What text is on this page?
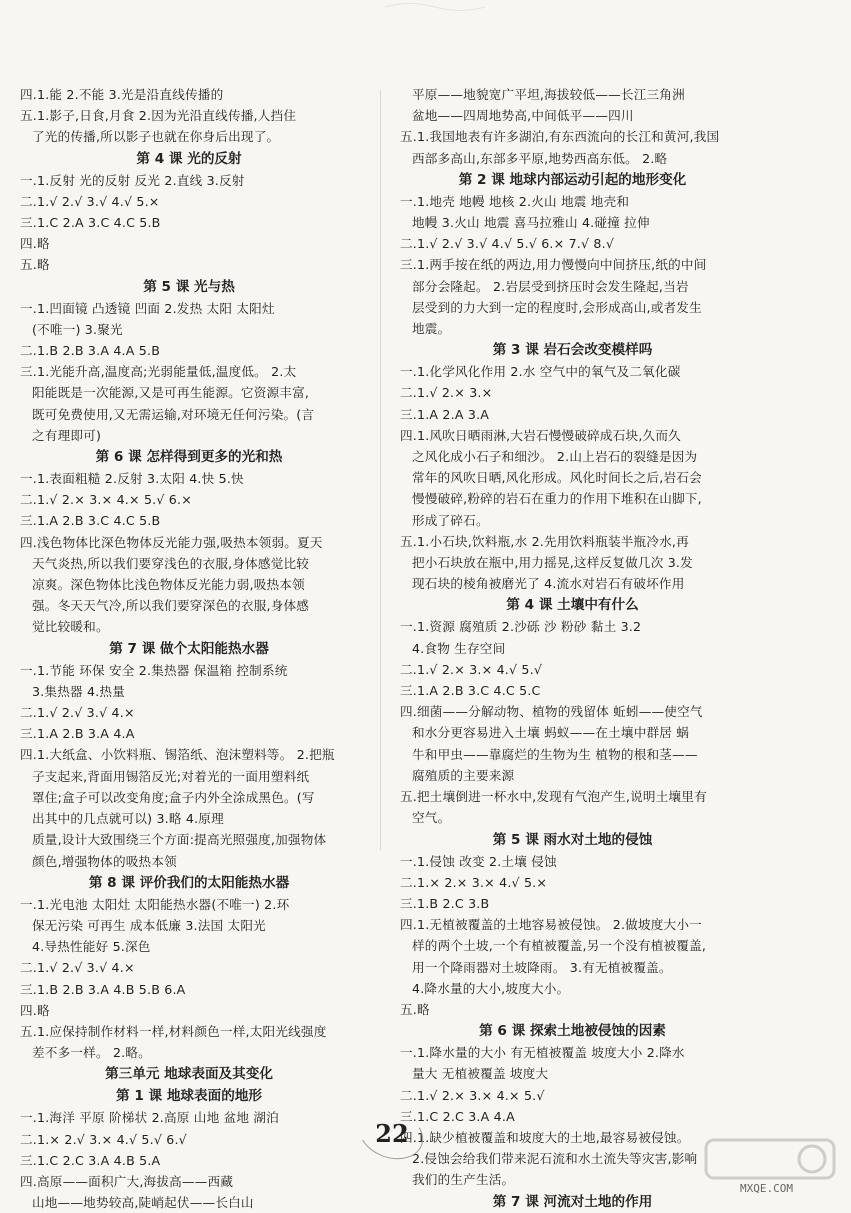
四.1.能 2.不能 3.光是沿直线传播的
五.1.影子,日食,月食 2.因为光沿直线传播,人挡住
了光的传播,所以影子也就在你身后出现了。
第 4 课 光的反射
一.1.反射 光的反射 反光 2.直线 3.反射
二.1.√ 2.√ 3.√ 4.√ 5.×
三.1.C 2.A 3.C 4.C 5.B
四.略
五.略
第 5 课 光与热
一.1.凹面镜 凸透镜 凹面 2.发热 太阳 太阳灶
(不唯一) 3.聚光
二.1.B 2.B 3.A 4.A 5.B
三.1.光能升高,温度高;光弱能量低,温度低。 2.太
阳能既是一次能源,又是可再生能源。它资源丰富,
既可免费使用,又无需运输,对环境无任何污染。(言
之有理即可)
第 6 课 怎样得到更多的光和热
一.1.表面粗糙 2.反射 3.太阳 4.快 5.快
二.1.√ 2.× 3.× 4.× 5.√ 6.×
三.1.A 2.B 3.C 4.C 5.B
四.浅色物体比深色物体反光能力强,吸热本领弱。夏天
天气炎热,所以我们要穿浅色的衣服,身体感觉比较
凉爽。深色物体比浅色物体反光能力弱,吸热本领
强。冬天天气冷,所以我们要穿深色的衣服,身体感
觉比较暖和。
第 7 课 做个太阳能热水器
一.1.节能 环保 安全 2.集热器 保温箱 控制系统
3.集热器 4.热量
二.1.√ 2.√ 3.√ 4.×
三.1.A 2.B 3.A 4.A
四.1.大纸盒、小饮料瓶、锡箔纸、泡沫塑料等。 2.把瓶
子支起来,背面用锡箔反光;对着光的一面用塑料纸
罩住;盒子可以改变角度;盒子内外全涂成黑色。(写
出其中的几点就可以) 3.略 4.原理
质量,设计大致围绕三个方面:提高光照强度,加强物体
颜色,增强物体的吸热本领
第 8 课 评价我们的太阳能热水器
一.1.光电池 太阳灶 太阳能热水器(不唯一) 2.环
保无污染 可再生 成本低廉 3.法国 太阳光
4.导热性能好 5.深色
二.1.√ 2.√ 3.√ 4.×
三.1.B 2.B 3.A 4.B 5.B 6.A
四.略
五.1.应保持制作材料一样,材料颜色一样,太阳光线强度
差不多一样。 2.略。
第三单元 地球表面及其变化
第 1 课 地球表面的地形
一.1.海洋 平原 阶梯状 2.高原 山地 盆地 湖泊
二.1.× 2.√ 3.× 4.√ 5.√ 6.√
三.1.C 2.C 3.A 4.B 5.A
四.高原——面积广大,海拔高——西藏
山地——地势较高,陡峭起伏——长白山
平原——地貌宽广平坦,海拔较低——长江三角洲
盆地——四周地势高,中间低平——四川
五.1.我国地表有许多湖泊,有东西流向的长江和黄河,我国
西部多高山,东部多平原,地势西高东低。 2.略
第 2 课 地球内部运动引起的地形变化
一.1.地壳 地幔 地核 2.火山 地震 地壳和
地幔 3.火山 地震 喜马拉雅山 4.碰撞 拉伸
二.1.√ 2.√ 3.√ 4.√ 5.√ 6.× 7.√ 8.√
三.1.两手按在纸的两边,用力慢慢向中间挤压,纸的中间
部分会隆起。 2.岩层受到挤压时会发生隆起,当岩
层受到的力大到一定的程度时,会形成高山,或者发生
地震。
第 3 课 岩石会改变模样吗
一.1.化学风化作用 2.水 空气中的氧气及二氧化碳
二.1.√ 2.× 3.×
三.1.A 2.A 3.A
四.1.风吹日晒雨淋,大岩石慢慢破碎成石块,久而久
之风化成小石子和细沙。 2.山上岩石的裂缝是因为
常年的风吹日晒,风化形成。风化时间长之后,岩石会
慢慢破碎,粉碎的岩石在重力的作用下堆积在山脚下,
形成了碎石。
五.1.小石块,饮料瓶,水 2.先用饮料瓶装半瓶冷水,再
把小石块放在瓶中,用力摇晃,这样反复做几次 3.发
现石块的棱角被磨光了 4.流水对岩石有破坏作用
第 4 课 土壤中有什么
一.1.资源 腐殖质 2.沙砾 沙 粉砂 黏土 3.2
4.食物 生存空间
二.1.√ 2.× 3.× 4.√ 5.√
三.1.A 2.B 3.C 4.C 5.C
四.细菌——分解动物、植物的残留体 蚯蚓——使空气
和水分更容易进入土壤 蚂蚁——在土壤中群居 蜗
牛和甲虫——靠腐烂的生物为生 植物的根和茎——
腐殖质的主要来源
五.把土壤倒进一杯水中,发现有气泡产生,说明土壤里有
空气。
第 5 课 雨水对土地的侵蚀
一.1.侵蚀 改变 2.土壤 侵蚀
二.1.× 2.× 3.× 4.√ 5.×
三.1.B 2.C 3.B
四.1.无植被覆盖的土地容易被侵蚀。 2.做坡度大小一
样的两个土坡,一个有植被覆盖,另一个没有植被覆盖,
用一个降雨器对土坡降雨。 3.有无植被覆盖。
4.降水量的大小,坡度大小。
五.略
第 6 课 探索土地被侵蚀的因素
一.1.降水量的大小 有无植被覆盖 坡度大小 2.降水
量大 无植被覆盖 坡度大
二.1.√ 2.× 3.× 4.× 5.√
三.1.C 2.C 3.A 4.A
四.1.缺少植被覆盖和坡度大的土地,最容易被侵蚀。
2.侵蚀会给我们带来泥石流和水土流失等灾害,影响
我们的生产生活。
第 7 课 河流对土地的作用
22
MXQE.COM
